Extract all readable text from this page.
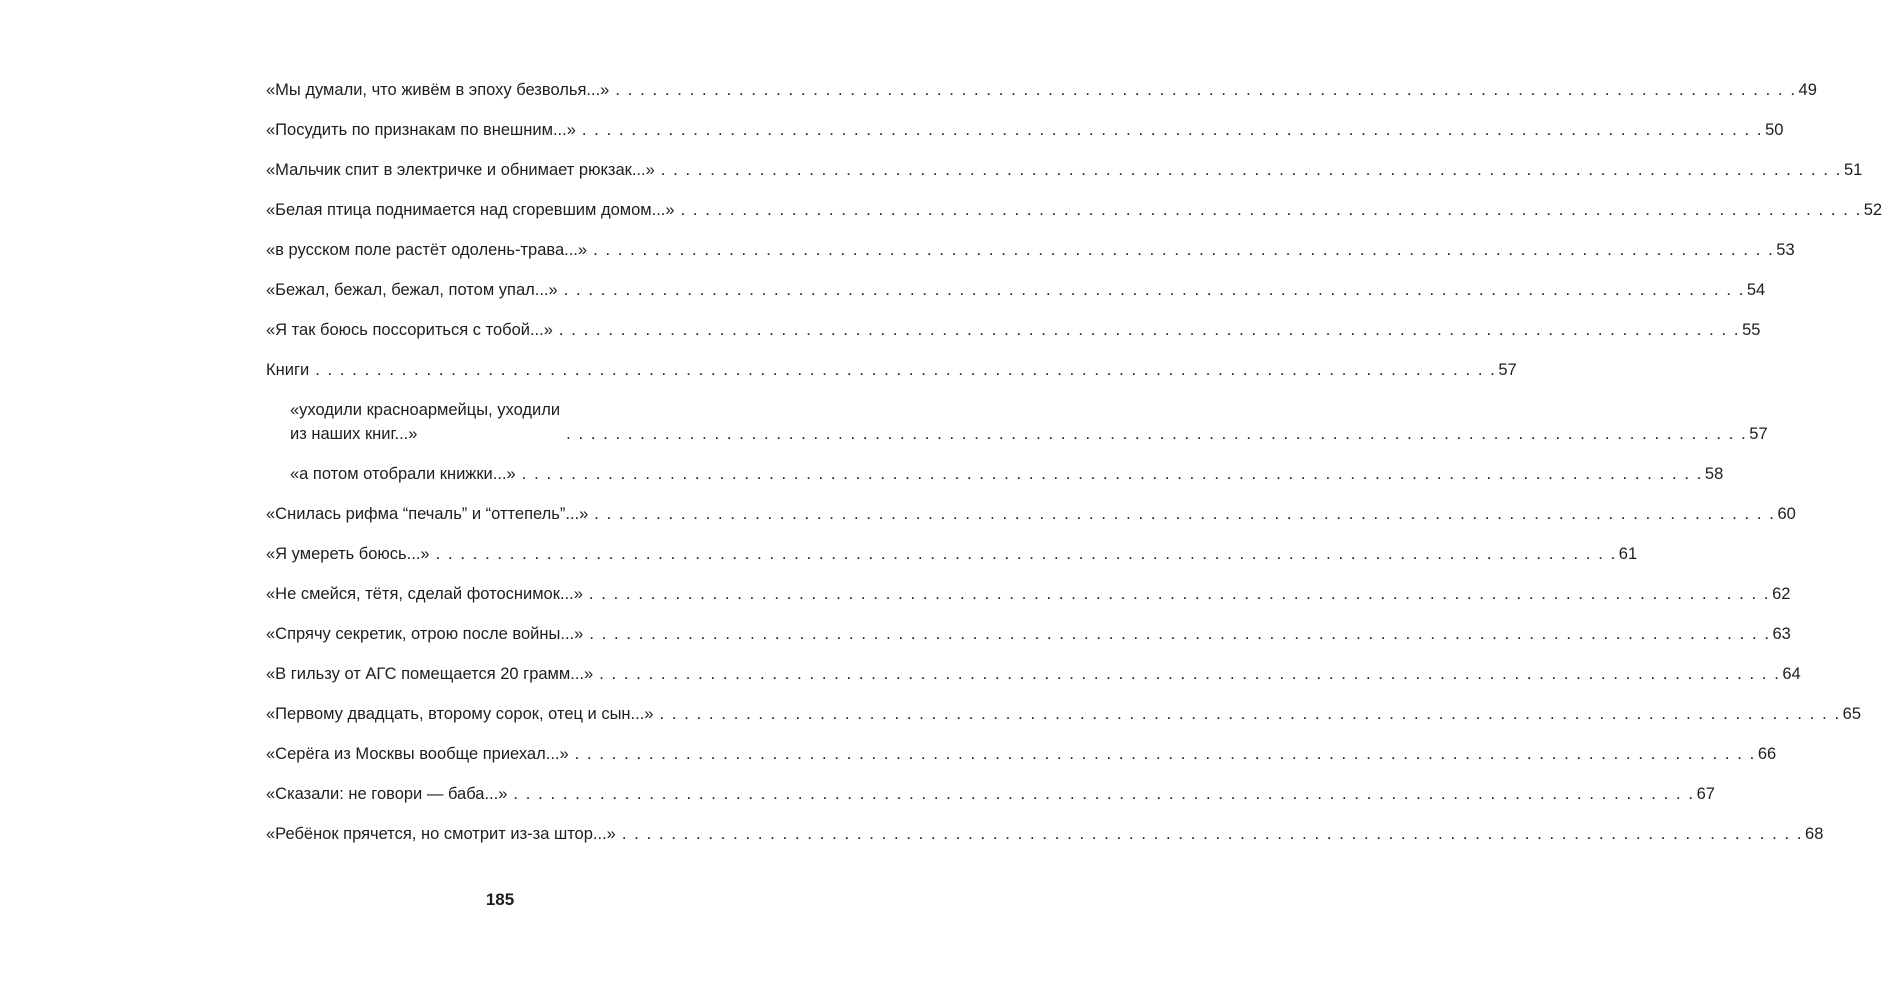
«Мы думали, что живём в эпоху безволья...» . . . . . . . . . . . . . . . . . . . . . . . . . . . . . . . . . . . . . . . . . . . . . . . . . . . . . . . . . . . . . . . . . . . . . . . . . . . . . . . . . . . . . . . . . . . . . . . . 49
«Посудить по признакам по внешним...» . . . . . . . . . . . . . . . . . . . . . . . . . . . . . . . . . . . . . . . . . . . . . . . . . . . . . . . . . . . . . . . . . . . . . . . . . . . . . . . . . . . . . . . . . . . . . . . . 50
«Мальчик спит в электричке и обнимает рюкзак...» . . . . . . . . . . . . . . . . . . . . . . . . . . . . . . . . . . . . . . . . . . . . . . . . . . . . . . . . . . . . . . . . . . . . . . . . . . . . . . . . . . . . . . . . . . . . . . . . 51
«Белая птица поднимается над сгоревшим домом...» . . . . . . . . . . . . . . . . . . . . . . . . . . . . . . . . . . . . . . . . . . . . . . . . . . . . . . . . . . . . . . . . . . . . . . . . . . . . . . . . . . . . . . . . . . . . . . . . 52
«в русском поле растёт одолень-трава...» . . . . . . . . . . . . . . . . . . . . . . . . . . . . . . . . . . . . . . . . . . . . . . . . . . . . . . . . . . . . . . . . . . . . . . . . . . . . . . . . . . . . . . . . . . . . . . . . 53
«Бежал, бежал, бежал, потом упал...» . . . . . . . . . . . . . . . . . . . . . . . . . . . . . . . . . . . . . . . . . . . . . . . . . . . . . . . . . . . . . . . . . . . . . . . . . . . . . . . . . . . . . . . . . . . . . . . . 54
«Я так боюсь поссориться с тобой...» . . . . . . . . . . . . . . . . . . . . . . . . . . . . . . . . . . . . . . . . . . . . . . . . . . . . . . . . . . . . . . . . . . . . . . . . . . . . . . . . . . . . . . . . . . . . . . . . 55
Книги . . . . . . . . . . . . . . . . . . . . . . . . . . . . . . . . . . . . . . . . . . . . . . . . . . . . . . . . . . . . . . . . . . . . . . . . . . . . . . . . . . . . . . . . . . . . . . . . 57
«уходили красноармейцы, уходили
из наших книг...»	. . . . . . . . . . . . . . . . . . . . . . . . . . . . . . . . . . . . . . . . . . . . . . . . . . . . . . . . . . . . . . . . . . . . . . . . . . . . . . . . . . . . . . . . . . . . . . . . 57
«а потом отобрали книжки...» . . . . . . . . . . . . . . . . . . . . . . . . . . . . . . . . . . . . . . . . . . . . . . . . . . . . . . . . . . . . . . . . . . . . . . . . . . . . . . . . . . . . . . . . . . . . . . . . 58
«Снилась рифма “печаль” и “оттепель”...» . . . . . . . . . . . . . . . . . . . . . . . . . . . . . . . . . . . . . . . . . . . . . . . . . . . . . . . . . . . . . . . . . . . . . . . . . . . . . . . . . . . . . . . . . . . . . . . . 60
«Я умереть боюсь...» . . . . . . . . . . . . . . . . . . . . . . . . . . . . . . . . . . . . . . . . . . . . . . . . . . . . . . . . . . . . . . . . . . . . . . . . . . . . . . . . . . . . . . . . . . . . . . . . 61
«Не смейся, тётя, сделай фотоснимок...» . . . . . . . . . . . . . . . . . . . . . . . . . . . . . . . . . . . . . . . . . . . . . . . . . . . . . . . . . . . . . . . . . . . . . . . . . . . . . . . . . . . . . . . . . . . . . . . . 62
«Спрячу секретик, отрою после войны...» . . . . . . . . . . . . . . . . . . . . . . . . . . . . . . . . . . . . . . . . . . . . . . . . . . . . . . . . . . . . . . . . . . . . . . . . . . . . . . . . . . . . . . . . . . . . . . . . 63
«В гильзу от АГС помещается 20 грамм...» . . . . . . . . . . . . . . . . . . . . . . . . . . . . . . . . . . . . . . . . . . . . . . . . . . . . . . . . . . . . . . . . . . . . . . . . . . . . . . . . . . . . . . . . . . . . . . . . 64
«Первому двадцать, второму сорок, отец и сын...» . . . . . . . . . . . . . . . . . . . . . . . . . . . . . . . . . . . . . . . . . . . . . . . . . . . . . . . . . . . . . . . . . . . . . . . . . . . . . . . . . . . . . . . . . . . . . . . . 65
«Серёга из Москвы вообще приехал...» . . . . . . . . . . . . . . . . . . . . . . . . . . . . . . . . . . . . . . . . . . . . . . . . . . . . . . . . . . . . . . . . . . . . . . . . . . . . . . . . . . . . . . . . . . . . . . . . 66
«Сказали: не говори — баба...» . . . . . . . . . . . . . . . . . . . . . . . . . . . . . . . . . . . . . . . . . . . . . . . . . . . . . . . . . . . . . . . . . . . . . . . . . . . . . . . . . . . . . . . . . . . . . . . . 67
«Ребёнок прячется, но смотрит из-за штор...» . . . . . . . . . . . . . . . . . . . . . . . . . . . . . . . . . . . . . . . . . . . . . . . . . . . . . . . . . . . . . . . . . . . . . . . . . . . . . . . . . . . . . . . . . . . . . . . . 68
185
